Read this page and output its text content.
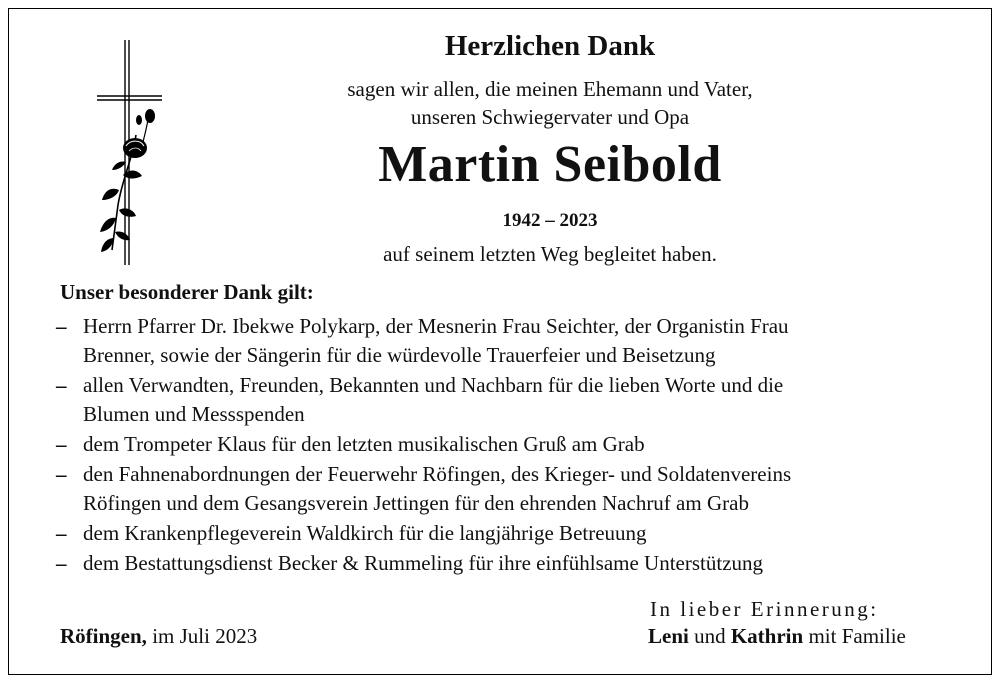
Herzlichen Dank
sagen wir allen, die meinen Ehemann und Vater,
unseren Schwiegervater und Opa
Martin Seibold
1942 – 2023
auf seinem letzten Weg begleitet haben.
Unser besonderer Dank gilt:
– Herrn Pfarrer Dr. Ibekwe Polykarp, der Mesnerin Frau Seichter, der Organistin Frau
Brenner, sowie der Sängerin für die würdevolle Trauerfeier und Beisetzung
– allen Verwandten, Freunden, Bekannten und Nachbarn für die lieben Worte und die
Blumen und Messspenden
– dem Trompeter Klaus für den letzten musikalischen Gruß am Grab
– den Fahnenabordnungen der Feuerwehr Röfingen, des Krieger- und Soldatenvereins
Röfingen und dem Gesangsverein Jettingen für den ehrenden Nachruf am Grab
– dem Krankenpflegeverein Waldkirch für die langjährige Betreuung
– dem Bestattungsdienst Becker & Rummeling für ihre einfühlsame Unterstützung
Röfingen, im Juli 2023
In lieber Erinnerung:
Leni und Kathrin mit Familie
